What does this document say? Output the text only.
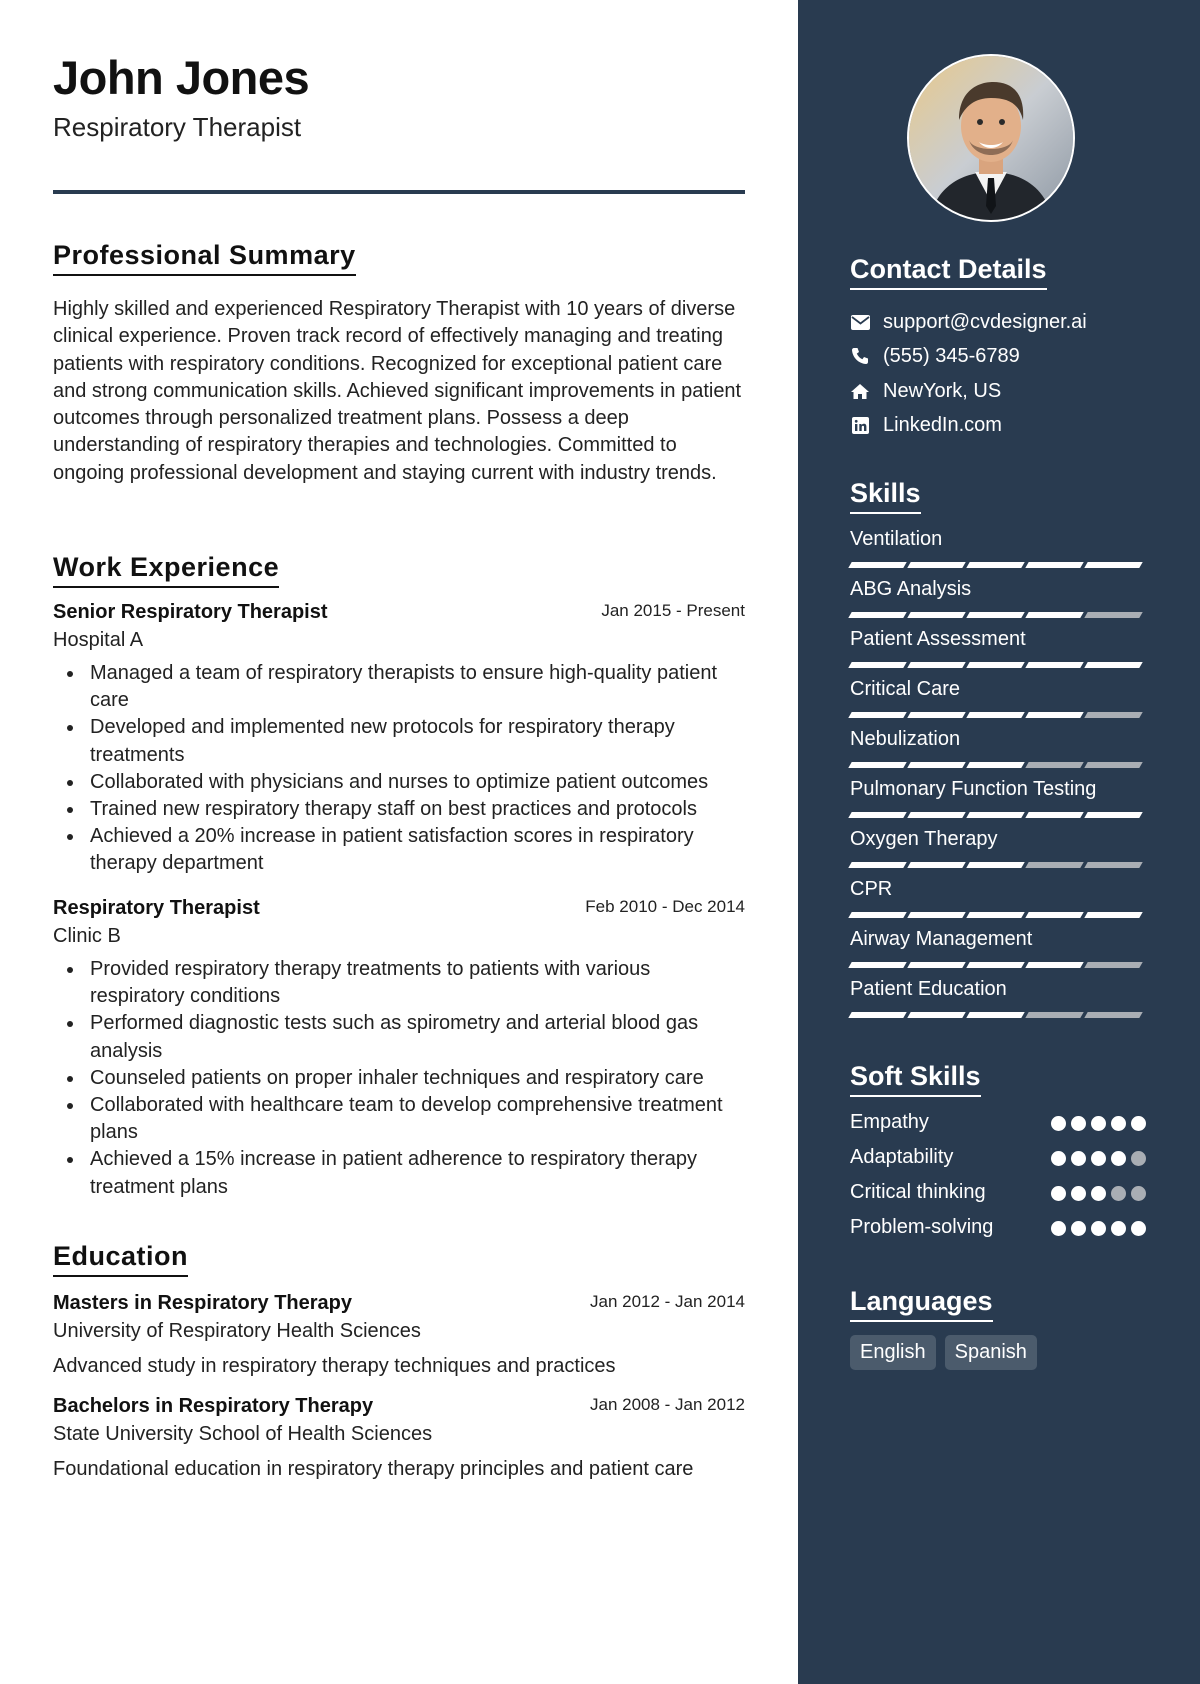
John Jones
Respiratory Therapist
Professional Summary

Highly skilled and experienced Respiratory Therapist with 10 years of diverse clinical experience. Proven track record of effectively managing and treating patients with respiratory conditions. Recognized for exceptional patient care and strong communication skills. Achieved significant improvements in patient outcomes through personalized treatment plans. Possess a deep understanding of respiratory therapies and technologies. Committed to ongoing professional development and staying current with industry trends.

Work Experience
Senior Respiratory Therapist	Jan 2015 - Present
Hospital A
Managed a team of respiratory therapists to ensure high-quality patient care
Developed and implemented new protocols for respiratory therapy treatments
Collaborated with physicians and nurses to optimize patient outcomes
Trained new respiratory therapy staff on best practices and protocols
Achieved a 20% increase in patient satisfaction scores in respiratory therapy department
Respiratory Therapist	Feb 2010 - Dec 2014
Clinic B
Provided respiratory therapy treatments to patients with various respiratory conditions
Performed diagnostic tests such as spirometry and arterial blood gas analysis
Counseled patients on proper inhaler techniques and respiratory care
Collaborated with healthcare team to develop comprehensive treatment plans
Achieved a 15% increase in patient adherence to respiratory therapy treatment plans
Education
Masters in Respiratory Therapy	Jan 2012 - Jan 2014
University of Respiratory Health Sciences
Advanced study in respiratory therapy techniques and practices
Bachelors in Respiratory Therapy	Jan 2008 - Jan 2012
State University School of Health Sciences
Foundational education in respiratory therapy principles and patient care
Contact Details
support@cvdesigner.ai
(555) 345-6789
NewYork, US
LinkedIn.com
Skills
Ventilation
ABG Analysis
Patient Assessment
Critical Care
Nebulization
Pulmonary Function Testing
Oxygen Therapy
CPR
Airway Management
Patient Education
Soft Skills
Empathy
Adaptability
Critical thinking
Problem-solving
Languages
English	Spanish
